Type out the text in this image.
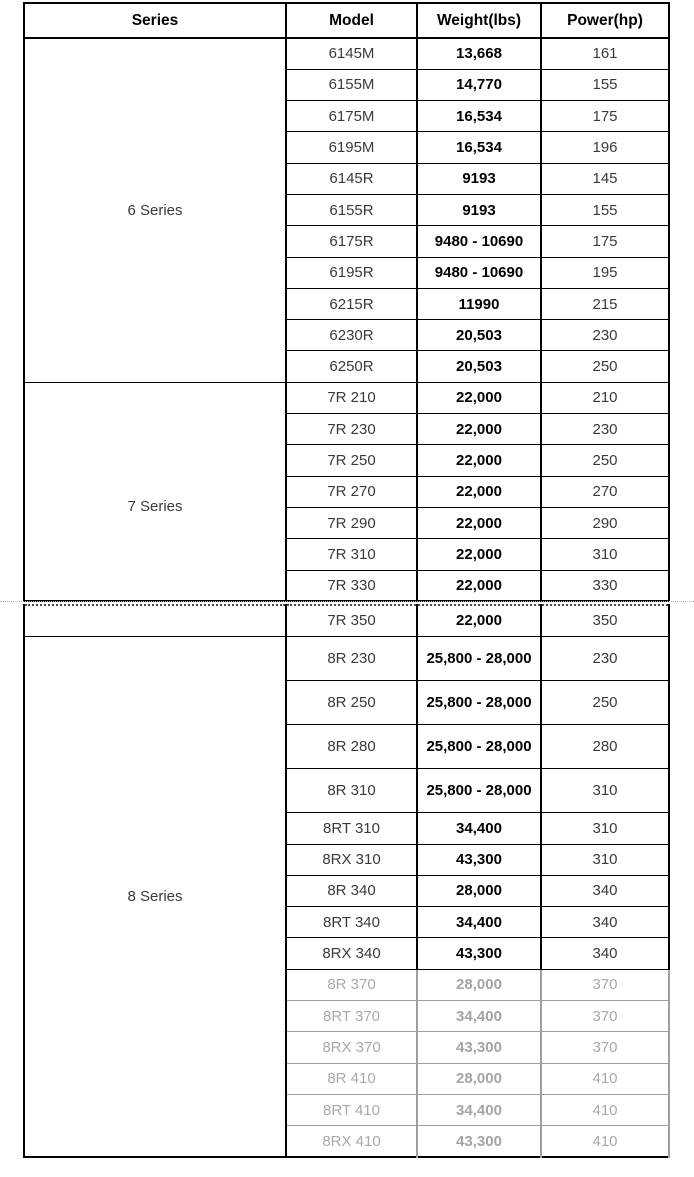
Series	Model	Weight(lbs)	Power(hp)
6 Series	6145M	13,668	161
	6155M	14,770	155
	6175M	16,534	175
	6195M	16,534	196
	6145R	9193	145
	6155R	9193	155
	6175R	9480 - 10690	175
	6195R	9480 - 10690	195
	6215R	11990	215
	6230R	20,503	230
	6250R	20,503	250
7 Series	7R 210	22,000	210
	7R 230	22,000	230
	7R 250	22,000	250
	7R 270	22,000	270
	7R 290	22,000	290
	7R 310	22,000	310
	7R 330	22,000	330
	7R 350	22,000	350
8 Series	8R 230	25,800 - 28,000	230
	8R 250	25,800 - 28,000	250
	8R 280	25,800 - 28,000	280
	8R 310	25,800 - 28,000	310
	8RT 310	34,400	310
	8RX 310	43,300	310
	8R 340	28,000	340
	8RT 340	34,400	340
	8RX 340	43,300	340
	8R 370	28,000	370
	8RT 370	34,400	370
	8RX 370	43,300	370
	8R 410	28,000	410
	8RT 410	34,400	410
	8RX 410	43,300	410
